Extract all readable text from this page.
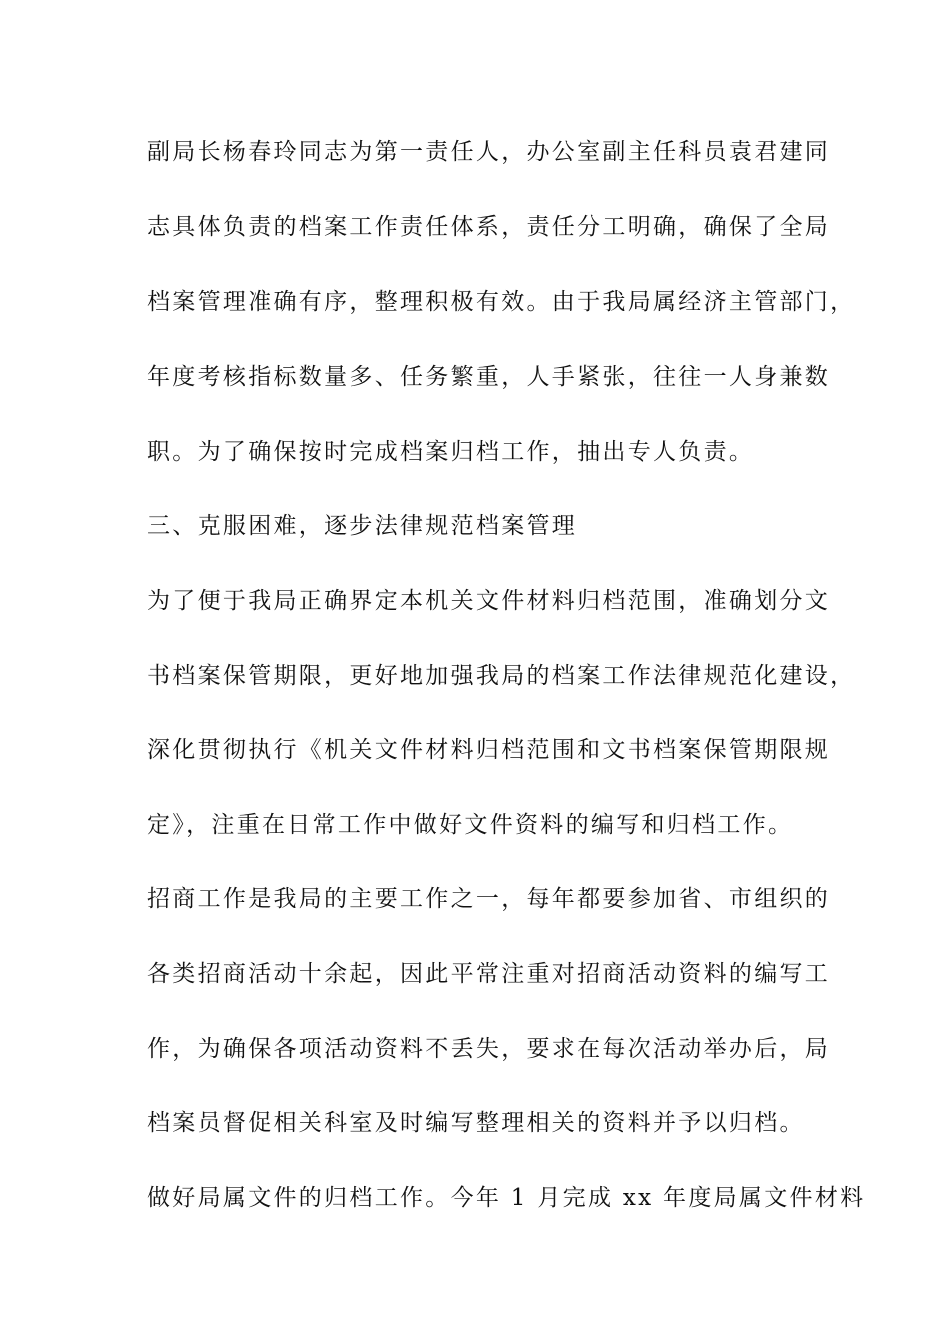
副局长杨春玲同志为第一责任人，办公室副主任科员袁君建同
志具体负责的档案工作责任体系，责任分工明确，确保了全局
档案管理准确有序，整理积极有效。由于我局属经济主管部门，
年度考核指标数量多、任务繁重，人手紧张，往往一人身兼数
职。为了确保按时完成档案归档工作，抽出专人负责。
三、克服困难，逐步法律规范档案管理
为了便于我局正确界定本机关文件材料归档范围，准确划分文
书档案保管期限，更好地加强我局的档案工作法律规范化建设，
深化贯彻执行《机关文件材料归档范围和文书档案保管期限规
定》，注重在日常工作中做好文件资料的编写和归档工作。
招商工作是我局的主要工作之一，每年都要参加省、市组织的
各类招商活动十余起，因此平常注重对招商活动资料的编写工
作，为确保各项活动资料不丢失，要求在每次活动举办后，局
档案员督促相关科室及时编写整理相关的资料并予以归档。
做好局属文件的归档工作。今年 1 月完成 xx 年度局属文件材料
